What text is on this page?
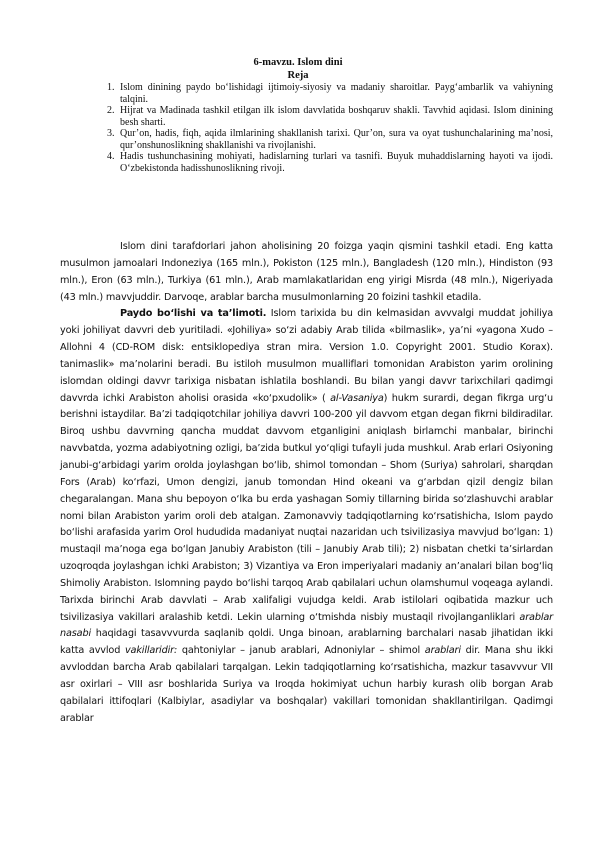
6-mavzu. Islom dini
Reja
1. Islom dinining paydo bo‘lishidagi ijtimoiy-siyosiy va madaniy sharoitlar. Payg‘ambarlik va vahiyning talqini.
2. Hijrat va Madinada tashkil etilgan ilk islom davvlatida boshqaruv shakli. Tavvhid aqidasi. Islom dinining besh sharti.
3. Qur’on, hadis, fiqh, aqida ilmlarining shakllanish tarixi. Qur’on, sura va oyat tushunchalarining ma’nosi, qur’onshunoslikning shakllanishi va rivojlanishi.
4. Hadis tushunchasining mohiyati, hadislarning turlari va tasnifi. Buyuk muhaddislarning hayoti va ijodi. O‘zbekistonda hadisshunoslikning rivoji.

Islom dini tarafdorlari jahon aholisining 20 foizga yaqin qismini tashkil etadi. Eng katta musulmon jamoalari Indoneziya (165 mln.), Pokiston (125 mln.), Bangladesh (120 mln.), Hindiston (93 mln.), Eron (63 mln.), Turkiya (61 mln.), Arab mamlakatlaridan eng yirigi Misrda (48 mln.), Nigeriyada (43 mln.) mavvjuddir. Darvoqe, arablar barcha musulmonlarning 20 foizini tashkil etadila.

Paydo bo‘lishi va ta’limoti. Islom tarixida bu din kelmasidan avvvalgi muddat johiliya yoki johiliyat davvri deb yuritiladi. «Johiliya» so‘zi adabiy Arab tilida «bilmaslik», ya’ni «yagona Xudo – Allohni 4 (CD-ROM disk: entsiklopediya stran mira. Version 1.0. Copyright 2001. Studio Korax). tanimaslik» ma’nolarini beradi. Bu istiloh musulmon mualliflari tomonidan Arabiston yarim orolining islomdan oldingi davvr tarixiga nisbatan ishlatila boshlandi. Bu bilan yangi davvr tarixchilari qadimgi davvrda ichki Arabiston aholisi orasida «ko‘pxudolik» ( al-Vasaniya) hukm surardi, degan fikrga urg‘u berishni istaydilar. Ba’zi tadqiqotchilar johiliya davvri 100-200 yil davvom etgan degan fikrni bildiradilar. Biroq ushbu davvrning qancha muddat davvom etganligini aniqlash birlamchi manbalar, birinchi navvbatda, yozma adabiyotning ozligi, ba’zida butkul yo‘qligi tufayli juda mushkul. Arab erlari Osiyoning janubi-g‘arbidagi yarim orolda joylashgan bo‘lib, shimol tomondan – Shom (Suriya) sahrolari, sharqdan Fors (Arab) ko‘rfazi, Umon dengizi, janub tomondan Hind okeani va g‘arbdan qizil dengiz bilan chegaralangan. Mana shu bepoyon o‘lka bu erda yashagan Somiy tillarning birida so‘zlashuvchi arablar nomi bilan Arabiston yarim oroli deb atalgan. Zamonavviy tadqiqotlarning ko‘rsatishicha, Islom paydo bo‘lishi arafasida yarim Orol hududida madaniyat nuqtai nazaridan uch tsivilizasiya mavvjud bo‘lgan: 1) mustaqil ma’noga ega bo‘lgan Janubiy Arabiston (tili – Janubiy Arab tili); 2) nisbatan chetki ta’sirlardan uzoqroqda joylashgan ichki Arabiston; 3) Vizantiya va Eron imperiyalari madaniy an’analari bilan bog‘liq Shimoliy Arabiston. Islomning paydo bo‘lishi tarqoq Arab qabilalari uchun olamshumul voqeaga aylandi. Tarixda birinchi Arab davvlati – Arab xalifaligi vujudga keldi. Arab istilolari oqibatida mazkur uch tsivilizasiya vakillari aralashib ketdi. Lekin ularning o‘tmishda nisbiy mustaqil rivojlanganliklari arablar nasabi haqidagi tasavvvurda saqlanib qoldi. Unga binoan, arablarning barchalari nasab jihatidan ikki katta avvlod vakillaridir: qahtoniylar – janub arablari, Adnoniylar – shimol arablari dir. Mana shu ikki avvloddan barcha Arab qabilalari tarqalgan. Lekin tadqiqotlarning ko‘rsatishicha, mazkur tasavvvur VII asr oxirlari – VIII asr boshlarida Suriya va Iroqda hokimiyat uchun harbiy kurash olib borgan Arab qabilalari ittifoqlari (Kalbiylar, asadiylar va boshqalar) vakillari tomonidan shakllantirilgan. Qadimgi arablar
